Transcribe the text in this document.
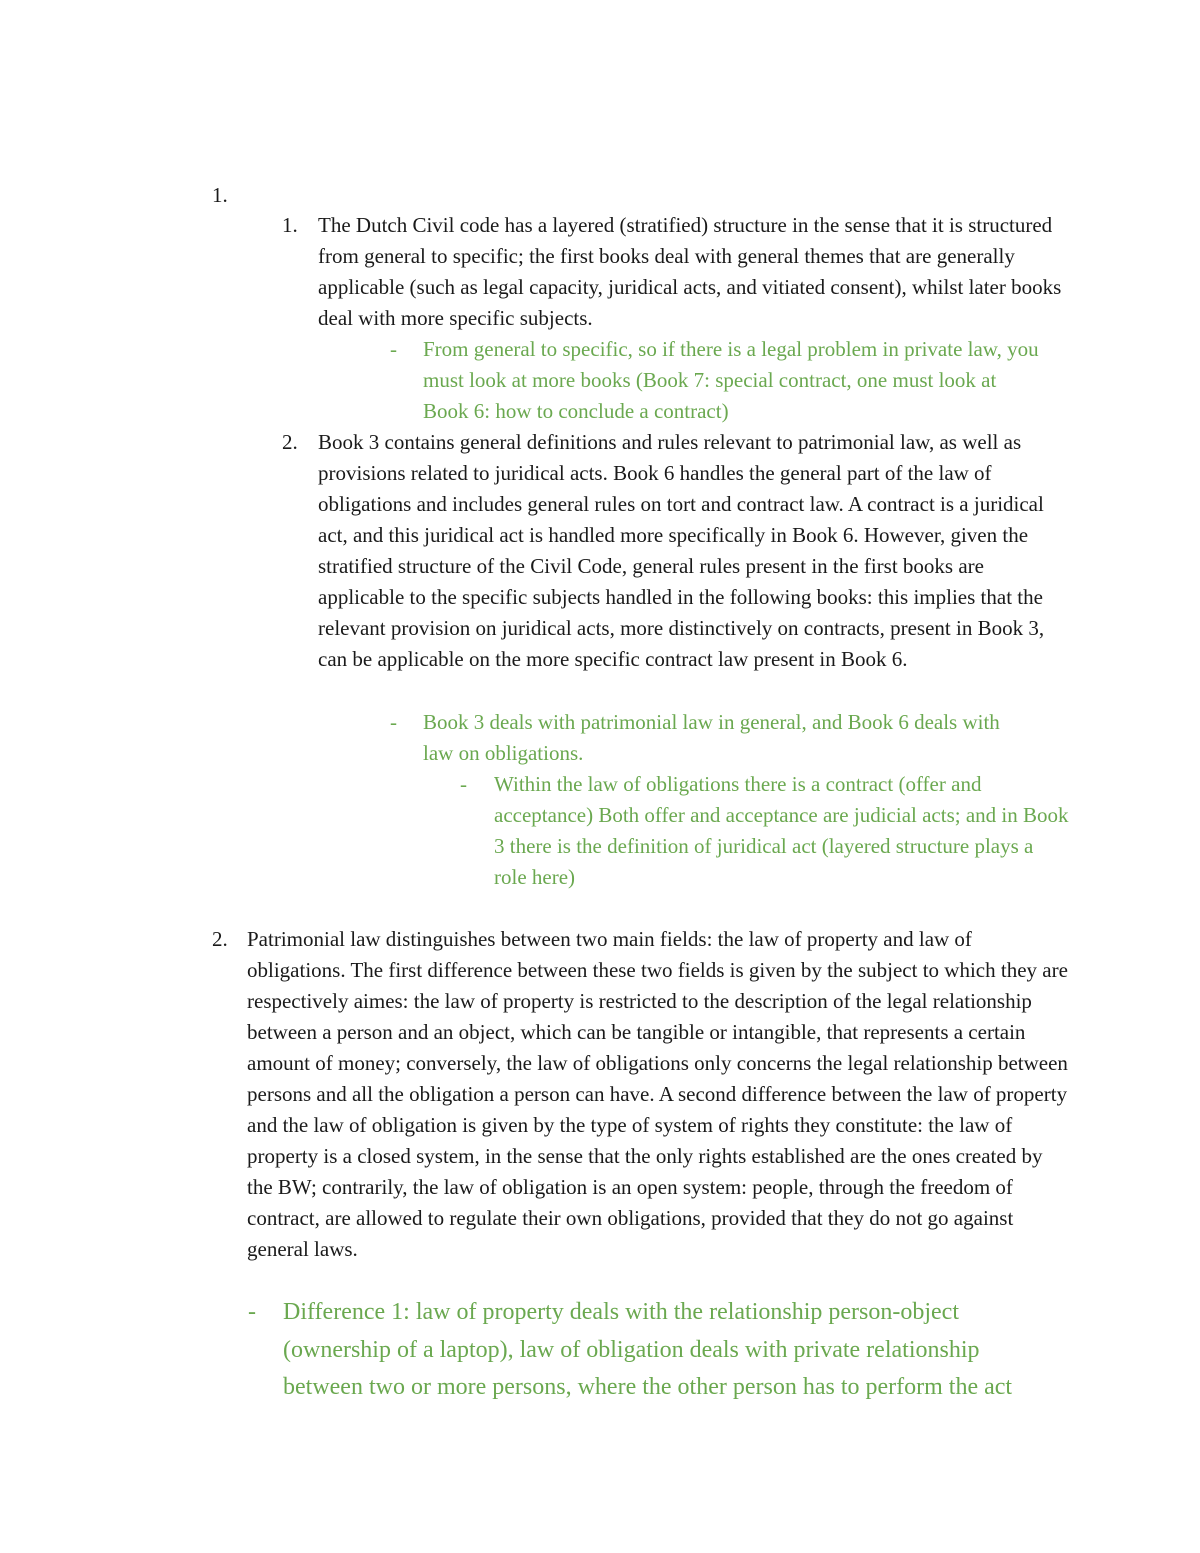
1.
1. The Dutch Civil code has a layered (stratified) structure in the sense that it is structured from general to specific; the first books deal with general themes that are generally applicable (such as legal capacity, juridical acts, and vitiated consent), whilst later books deal with more specific subjects.
- From general to specific, so if there is a legal problem in private law, you must look at more books (Book 7: special contract, one must look at Book 6: how to conclude a contract)
2. Book 3 contains general definitions and rules relevant to patrimonial law, as well as provisions related to juridical acts. Book 6 handles the general part of the law of obligations and includes general rules on tort and contract law. A contract is a juridical act, and this juridical act is handled more specifically in Book 6. However, given the stratified structure of the Civil Code, general rules present in the first books are applicable to the specific subjects handled in the following books: this implies that the relevant provision on juridical acts, more distinctively on contracts, present in Book 3, can be applicable on the more specific contract law present in Book 6.
- Book 3 deals with patrimonial law in general, and Book 6 deals with law on obligations.
- Within the law of obligations there is a contract (offer and acceptance) Both offer and acceptance are judicial acts; and in Book 3 there is the definition of juridical act (layered structure plays a role here)
2. Patrimonial law distinguishes between two main fields: the law of property and law of obligations. The first difference between these two fields is given by the subject to which they are respectively aimes: the law of property is restricted to the description of the legal relationship between a person and an object, which can be tangible or intangible, that represents a certain amount of money; conversely, the law of obligations only concerns the legal relationship between persons and all the obligation a person can have. A second difference between the law of property and the law of obligation is given by the type of system of rights they constitute: the law of property is a closed system, in the sense that the only rights established are the ones created by the BW; contrarily, the law of obligation is an open system: people, through the freedom of contract, are allowed to regulate their own obligations, provided that they do not go against general laws.
- Difference 1: law of property deals with the relationship person-object (ownership of a laptop), law of obligation deals with private relationship between two or more persons, where the other person has to perform the act
